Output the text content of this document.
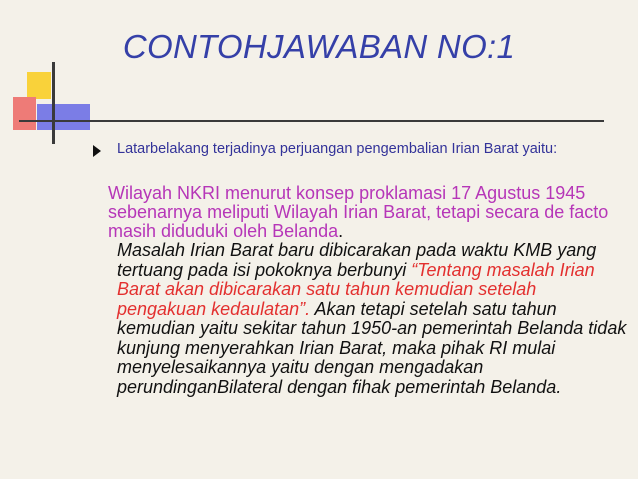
CONTOHJAWABAN NO:1

Latarbelakang terjadinya perjuangan pengembalian Irian Barat yaitu:

Wilayah NKRI menurut konsep proklamasi 17 Agustus 1945 sebenarnya meliputi Wilayah Irian Barat, tetapi secara de facto masih diduduki oleh Belanda.

Masalah Irian Barat baru dibicarakan pada waktu KMB yang tertuang pada isi pokoknya berbunyi “Tentang masalah Irian Barat akan dibicarakan satu tahun kemudian setelah pengakuan kedaulatan”. Akan tetapi setelah satu tahun kemudian yaitu sekitar tahun 1950-an pemerintah Belanda tidak kunjung menyerahkan Irian Barat, maka pihak RI mulai menyelesaikannya yaitu dengan mengadakan perundinganBilateral dengan fihak pemerintah Belanda.
